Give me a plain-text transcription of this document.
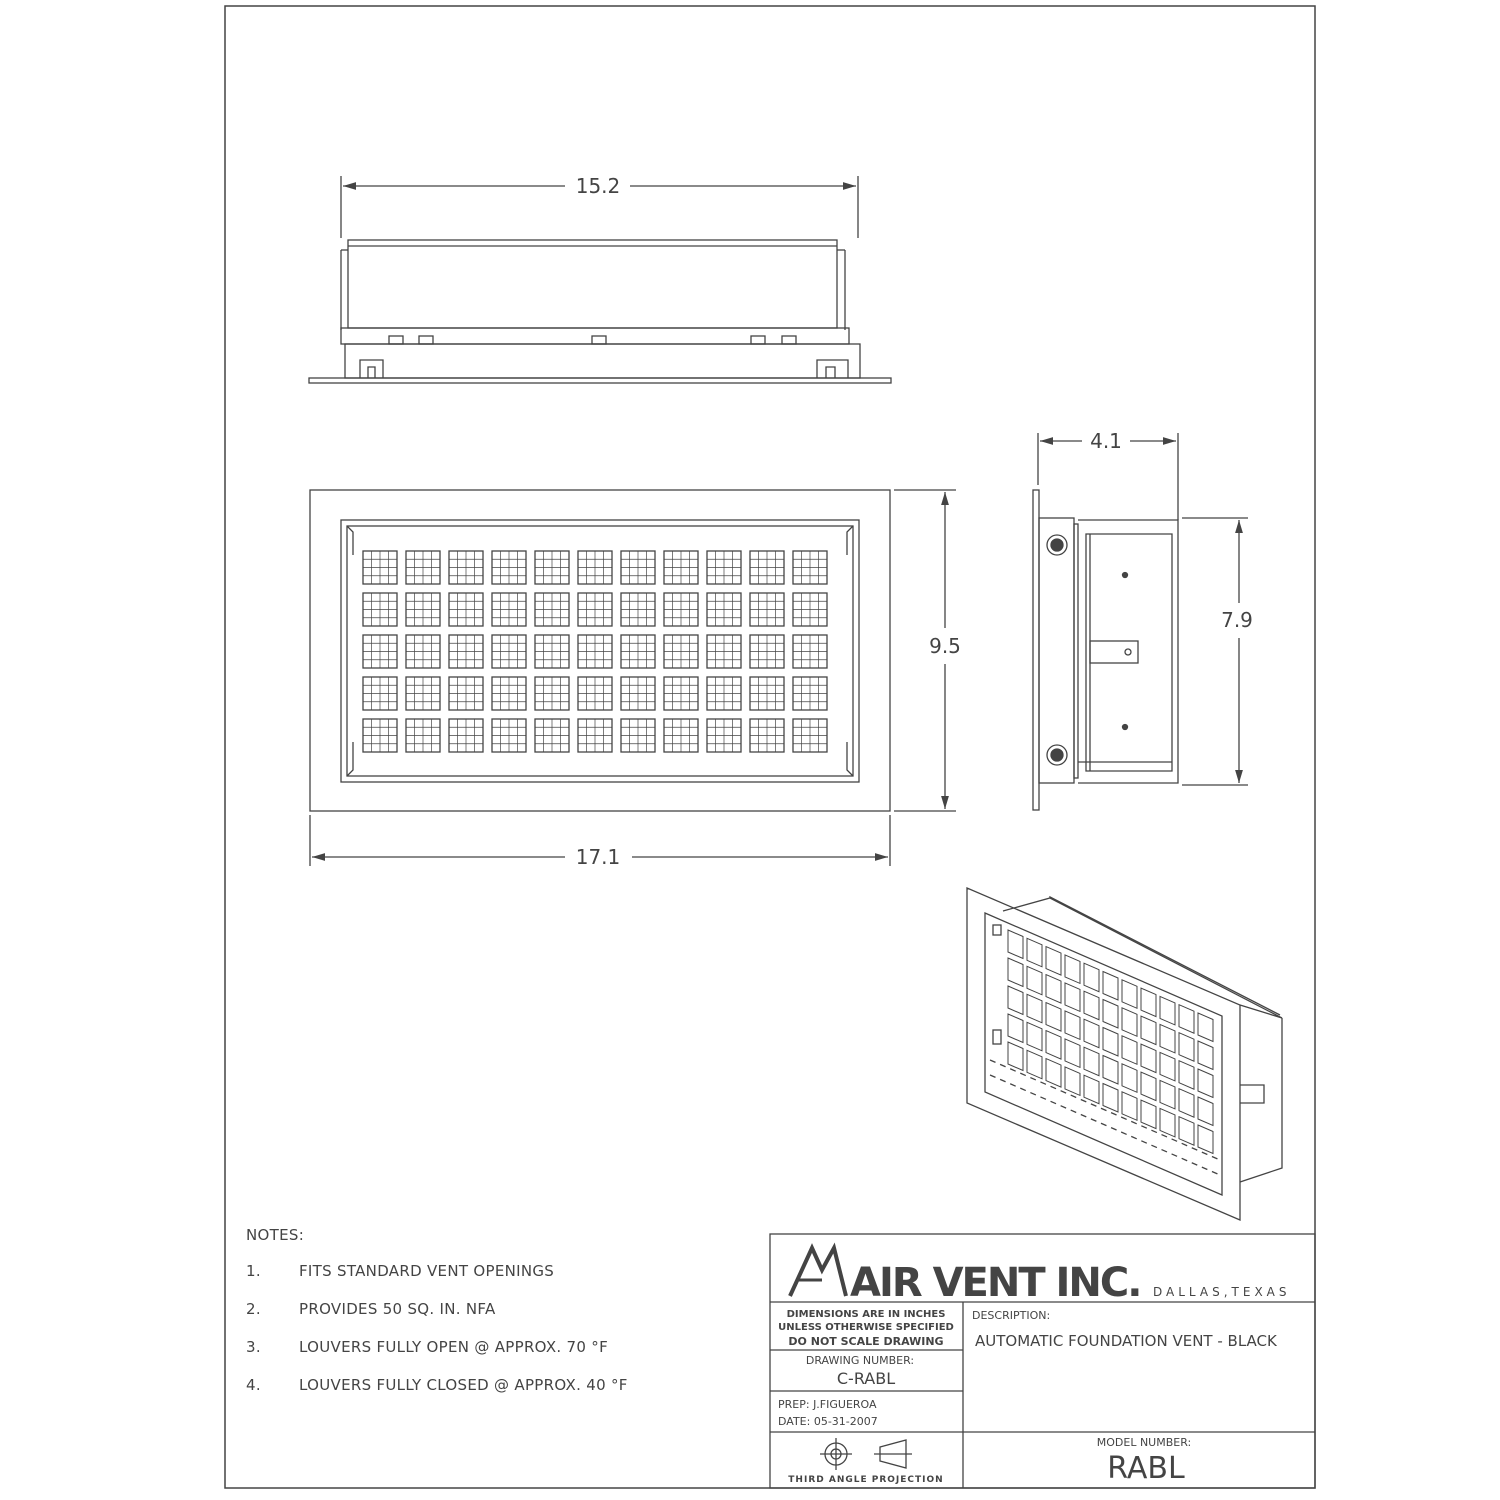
15.2
9.5
17.1
4.1
7.9
AIR VENT INC. DALLAS,TEXAS
DIMENSIONS ARE IN INCHES
UNLESS OTHERWISE SPECIFIED
DO NOT SCALE DRAWING
DRAWING NUMBER:
C-RABL
PREP: J.FIGUEROA
DATE: 05-31-2007
THIRD ANGLE PROJECTION
DESCRIPTION:
AUTOMATIC FOUNDATION VENT - BLACK
MODEL NUMBER:
RABL
NOTES:
1.	FITS STANDARD VENT OPENINGS
2.	PROVIDES 50 SQ. IN. NFA
3.	LOUVERS FULLY OPEN @ APPROX. 70 °F
4.	LOUVERS FULLY CLOSED @ APPROX. 40 °F
